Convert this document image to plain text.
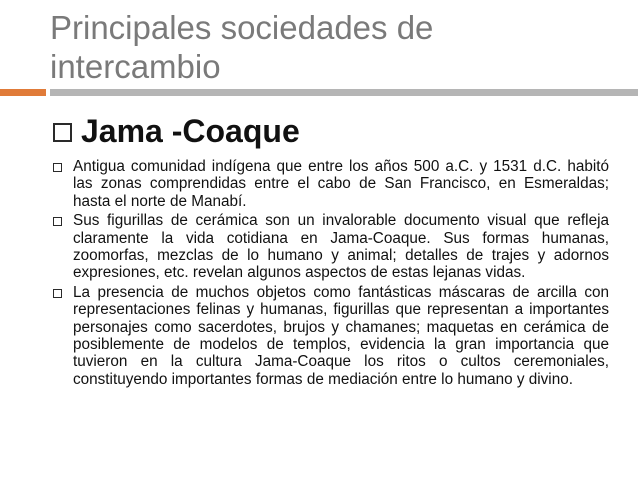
Principales sociedades de intercambio
Jama -Coaque
Antigua comunidad indígena que entre los años 500 a.C. y 1531 d.C. habitó las zonas comprendidas entre el cabo de San Francisco, en Esmeraldas; hasta el norte de Manabí.
Sus figurillas de cerámica son un invalorable documento visual que refleja claramente la vida cotidiana en Jama-Coaque. Sus formas humanas, zoomorfas, mezclas de lo humano y animal; detalles de trajes y adornos expresiones, etc. revelan algunos aspectos de estas lejanas vidas.
La presencia de muchos objetos como fantásticas máscaras de arcilla con representaciones felinas y humanas, figurillas que representan a importantes personajes como sacerdotes, brujos y chamanes; maquetas en cerámica de posiblemente de modelos de templos, evidencia la gran importancia que tuvieron en la cultura Jama-Coaque los ritos o cultos ceremoniales, constituyendo importantes formas de mediación entre lo humano y divino.
